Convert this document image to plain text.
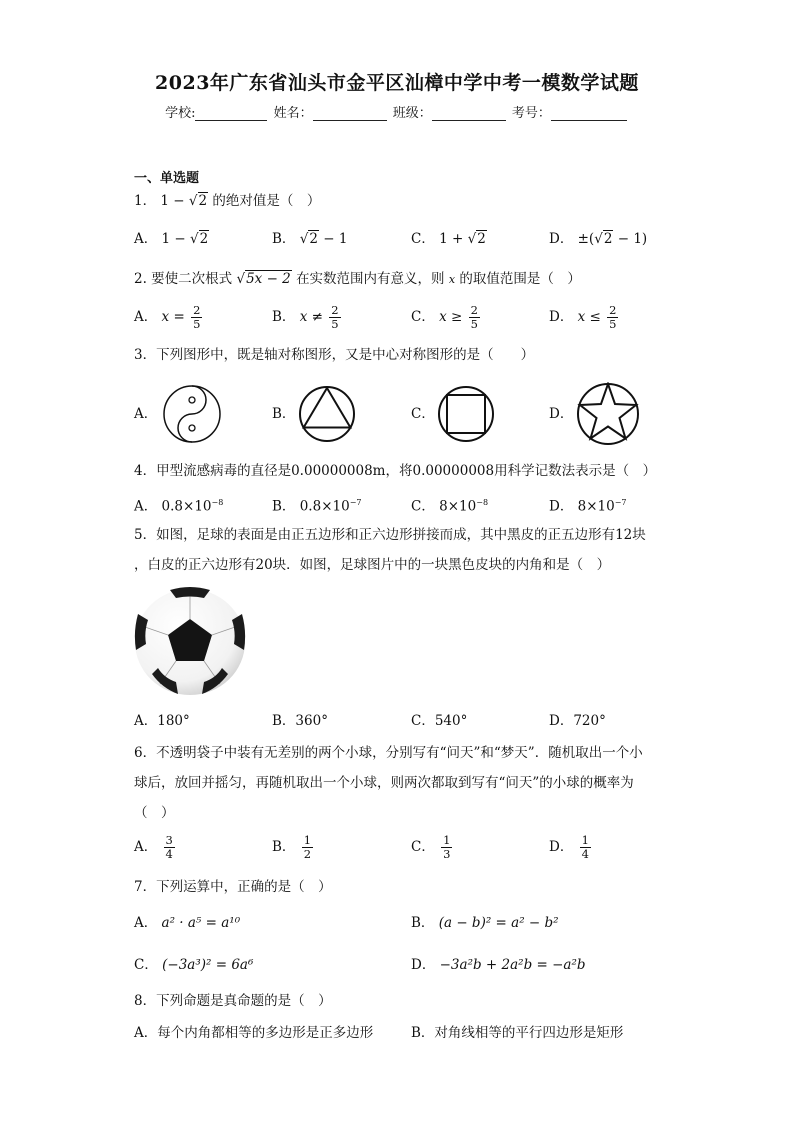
2023年广东省汕头市金平区汕樟中学中考一模数学试题
学校:	姓名：	班级：	考号：
一、单选题
1． 1 − √2 的绝对值是（　）
A． 1 − √2	B． √2 − 1	C． 1 + √2	D． ±(√2 − 1)
2. 要使二次根式 √5x − 2 在实数范围内有意义，则 x 的取值范围是（　）
A． $x = \frac{2}{5}$	B． $x \ne \frac{2}{5}$	C． $x \ge \frac{2}{5}$	D． $x \le \frac{2}{5}$
3．下列图形中，既是轴对称图形，又是中心对称图形的是（　　）
A．	B．	C．	D．
4．甲型流感病毒的直径是0.00000008m，将0.00000008用科学记数法表示是（　）
A． $0.8\times 10^{-8}$	B． $0.8\times 10^{-7}$	C． $8\times 10^{-8}$	D． $8\times 10^{-7}$
5．如图，足球的表面是由正五边形和正六边形拼接而成，其中黑皮的正五边形有12块
，白皮的正六边形有20块．如图，足球图片中的一块黑色皮块的内角和是（　）
A．180°	B．360°	C．540°	D．720°
6．不透明袋子中装有无差别的两个小球，分别写有“问天”和“梦天”．随机取出一个小
球后，放回并摇匀，再随机取出一个小球，则两次都取到写有“问天”的小球的概率为
（　）
A． $\frac{3}{4}$	B． $\frac{1}{2}$	C． $\frac{1}{3}$	D． $\frac{1}{4}$
7．下列运算中，正确的是（　）
A． a² · a⁵ = a¹⁰	B． (a − b)² = a² − b²
C． (−3a³)² = 6a⁶	D． −3a²b + 2a²b = −a²b
8．下列命题是真命题的是（　）
A．每个内角都相等的多边形是正多边形	B．对角线相等的平行四边形是矩形
